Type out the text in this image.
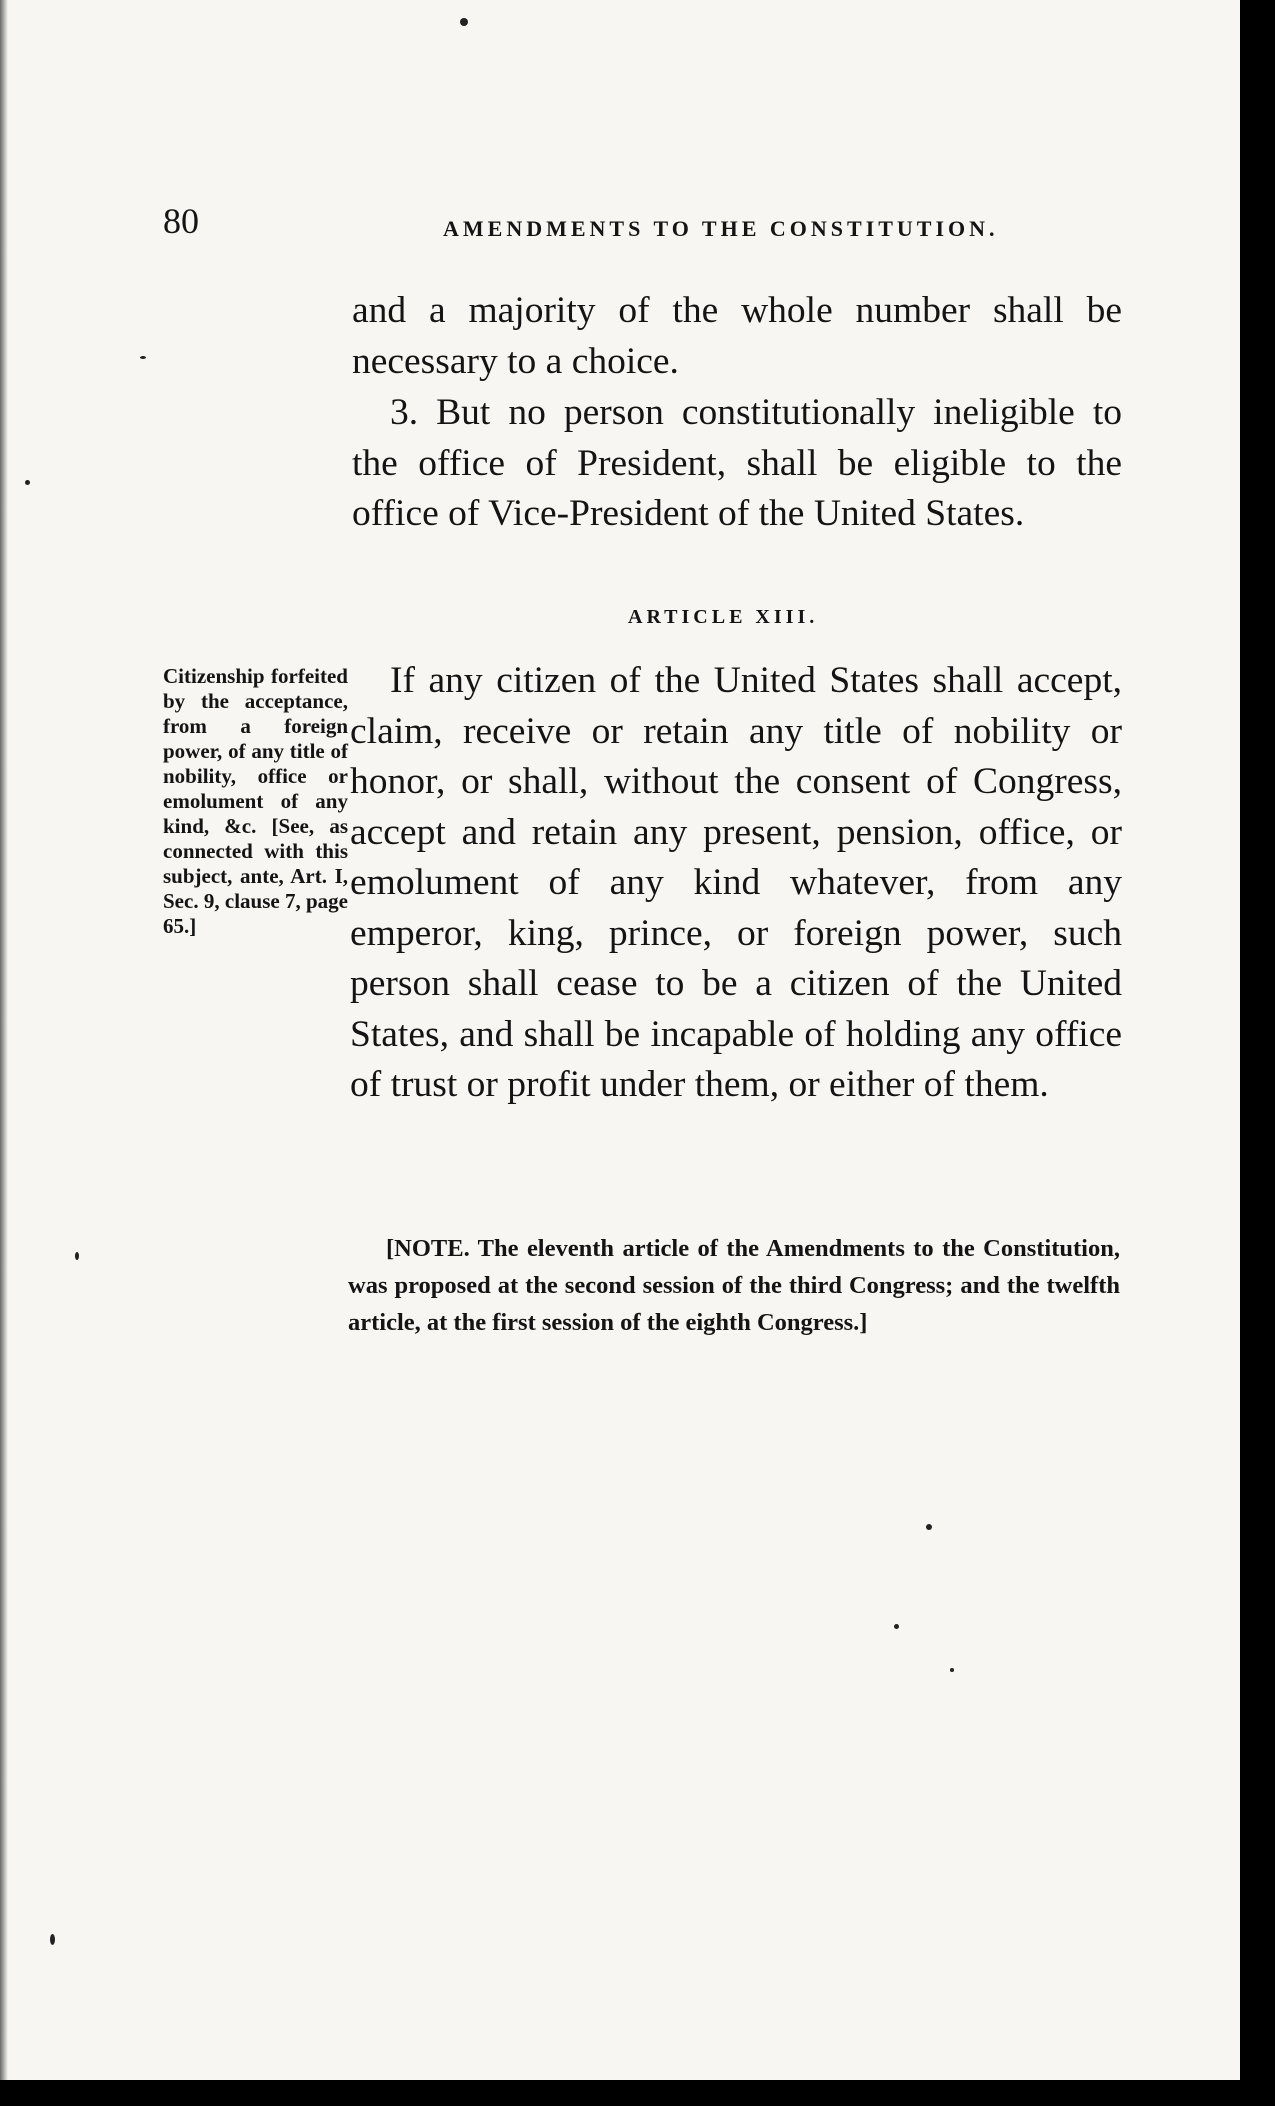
80	AMENDMENTS TO THE CONSTITUTION.

and a majority of the whole number shall be necessary to a choice.

3. But no person constitutionally ineligible to the office of President, shall be eligible to the office of Vice-President of the United States.

ARTICLE XIII.
Citizenship forfeited by the acceptance, from a foreign power, of any title of nobility, office or emolument of any kind, &c. [See, as connected with this subject, ante, Art. I, Sec. 9, clause 7, page 65.]

If any citizen of the United States shall accept, claim, receive or retain any title of nobility or honor, or shall, without the consent of Congress, accept and retain any present, pension, office, or emolument of any kind whatever, from any emperor, king, prince, or foreign power, such person shall cease to be a citizen of the United States, and shall be incapable of holding any office of trust or profit under them, or either of them.

[NOTE. The eleventh article of the Amendments to the Constitution, was proposed at the second session of the third Congress; and the twelfth article, at the first session of the eighth Congress.]
